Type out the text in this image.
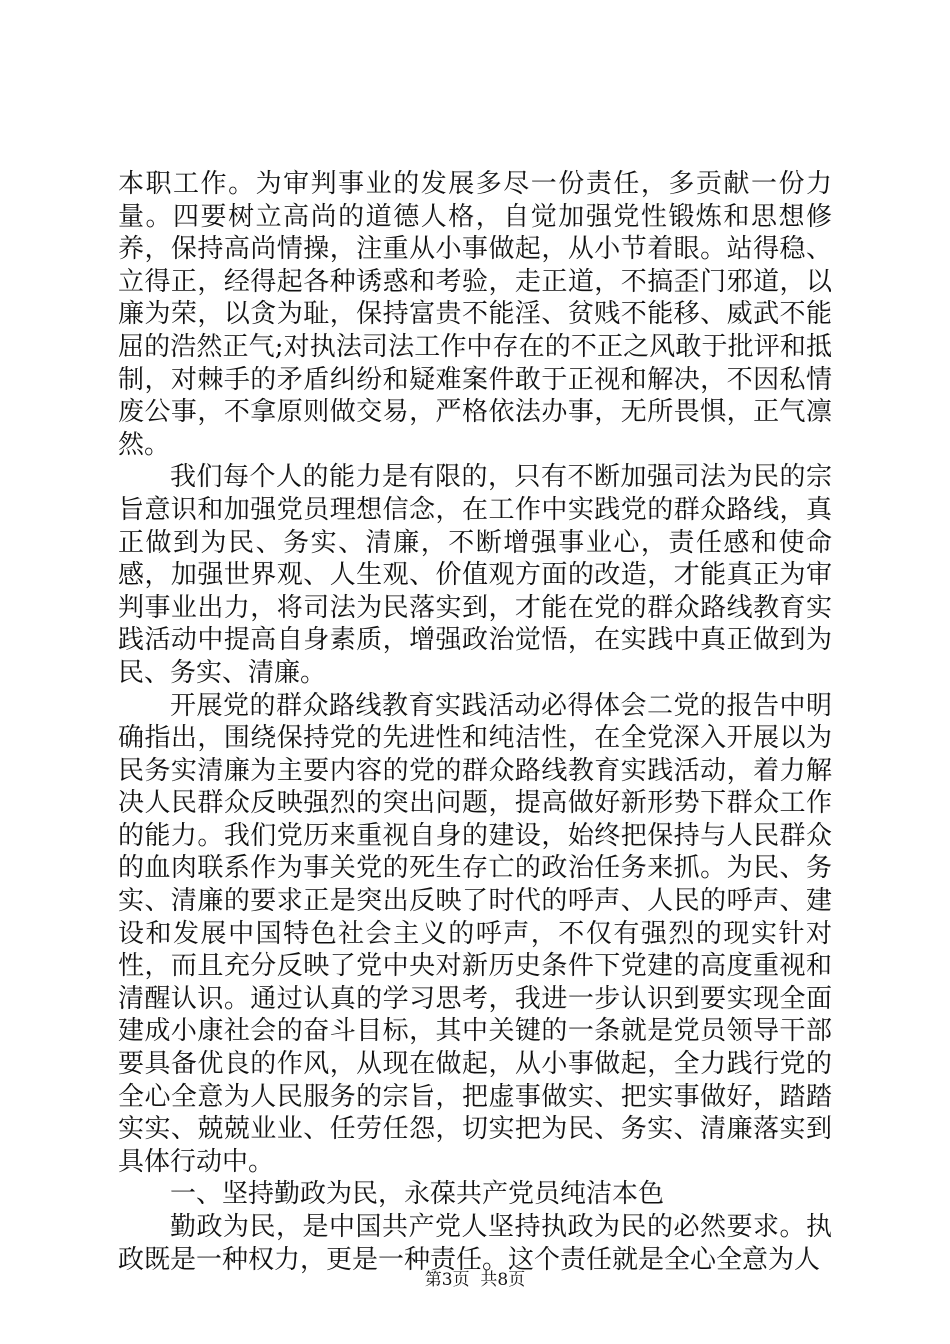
本职工作。为审判事业的发展多尽一份责任，多贡献一份力量。四要树立高尚的道德人格，自觉加强党性锻炼和思想修养，保持高尚情操，注重从小事做起，从小节着眼。站得稳、立得正，经得起各种诱惑和考验，走正道，不搞歪门邪道，以廉为荣，以贪为耻，保持富贵不能淫、贫贱不能移、威武不能屈的浩然正气;对执法司法工作中存在的不正之风敢于批评和抵制，对棘手的矛盾纠纷和疑难案件敢于正视和解决，不因私情废公事，不拿原则做交易，严格依法办事，无所畏惧，正气凛然。

我们每个人的能力是有限的，只有不断加强司法为民的宗旨意识和加强党员理想信念，在工作中实践党的群众路线，真正做到为民、务实、清廉，不断增强事业心，责任感和使命感，加强世界观、人生观、价值观方面的改造，才能真正为审判事业出力，将司法为民落实到，才能在党的群众路线教育实践活动中提高自身素质，增强政治觉悟，在实践中真正做到为民、务实、清廉。

开展党的群众路线教育实践活动必得体会二党的报告中明确指出，围绕保持党的先进性和纯洁性，在全党深入开展以为民务实清廉为主要内容的党的群众路线教育实践活动，着力解决人民群众反映强烈的突出问题，提高做好新形势下群众工作的能力。我们党历来重视自身的建设，始终把保持与人民群众的血肉联系作为事关党的死生存亡的政治任务来抓。为民、务实、清廉的要求正是突出反映了时代的呼声、人民的呼声、建设和发展中国特色社会主义的呼声，不仅有强烈的现实针对性，而且充分反映了党中央对新历史条件下党建的高度重视和清醒认识。通过认真的学习思考，我进一步认识到要实现全面建成小康社会的奋斗目标，其中关键的一条就是党员领导干部要具备优良的作风，从现在做起，从小事做起，全力践行党的全心全意为人民服务的宗旨，把虚事做实、把实事做好，踏踏实实、兢兢业业、任劳任怨，切实把为民、务实、清廉落实到具体行动中。

一、坚持勤政为民，永葆共产党员纯洁本色

勤政为民，是中国共产党人坚持执政为民的必然要求。执政既是一种权力，更是一种责任。这个责任就是全心全意为人

第3页 共8页
